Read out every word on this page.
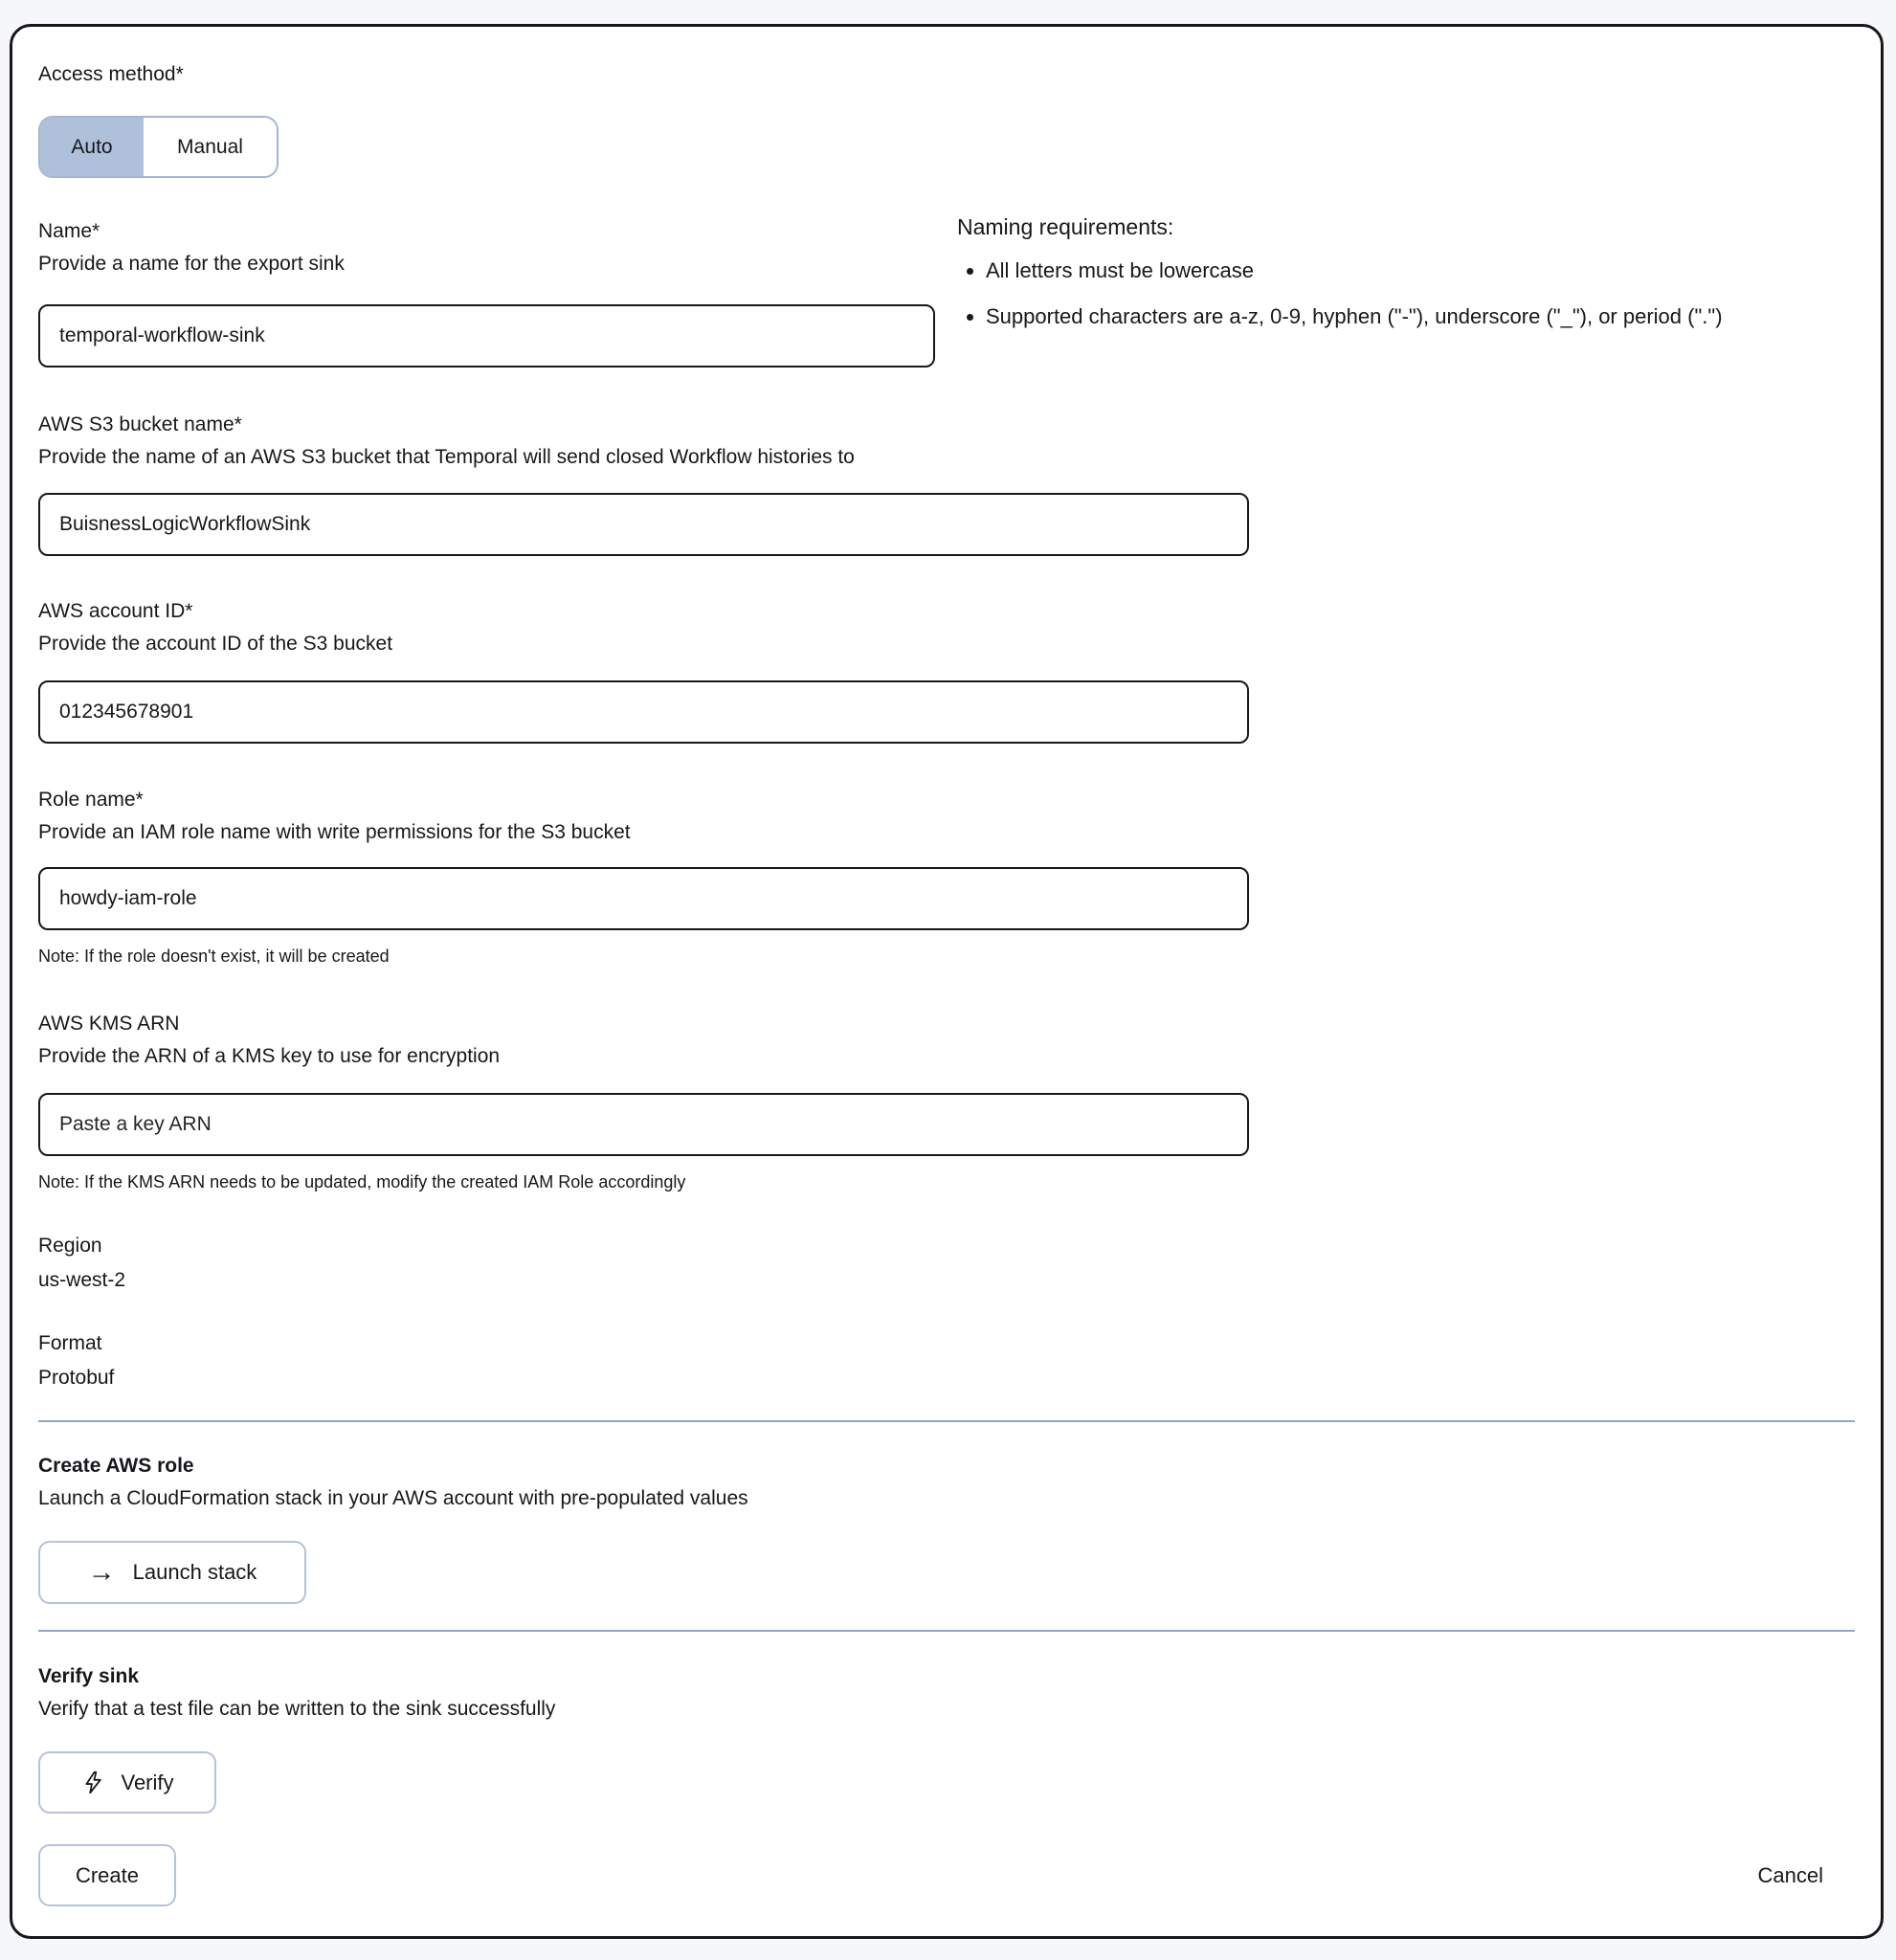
Access method*
Auto	Manual
Naming requirements:
• All letters must be lowercase
• Supported characters are a-z, 0-9, hyphen ("-"), underscore ("_"), or period (".")
Name*
Provide a name for the export sink
temporal-workflow-sink
AWS S3 bucket name*
Provide the name of an AWS S3 bucket that Temporal will send closed Workflow histories to
BuisnessLogicWorkflowSink
AWS account ID*
Provide the account ID of the S3 bucket
012345678901
Role name*
Provide an IAM role name with write permissions for the S3 bucket
howdy-iam-role
Note: If the role doesn't exist, it will be created
AWS KMS ARN
Provide the ARN of a KMS key to use for encryption
Paste a key ARN
Note: If the KMS ARN needs to be updated, modify the created IAM Role accordingly
Region
us-west-2
Format
Protobuf
Create AWS role
Launch a CloudFormation stack in your AWS account with pre-populated values
→ Launch stack
Verify sink
Verify that a test file can be written to the sink successfully
Verify
Create	Cancel
